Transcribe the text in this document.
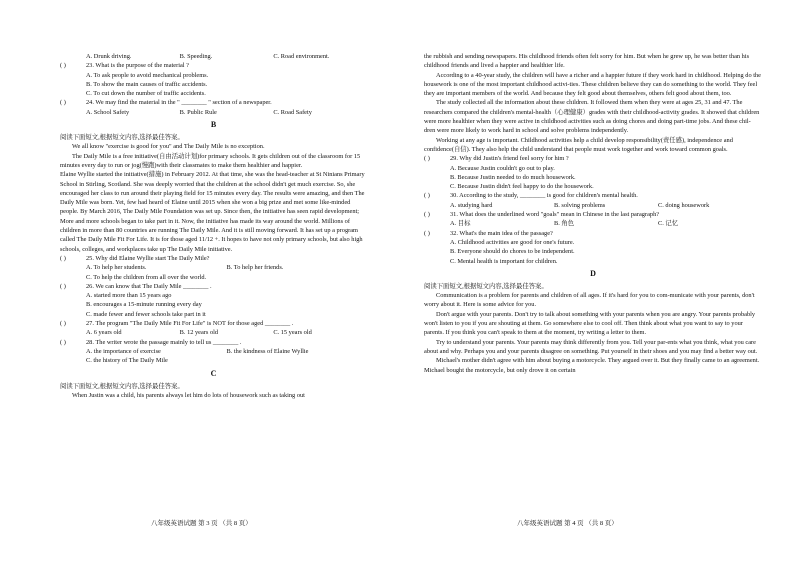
A. Drunk driving.	B. Speeding.	C. Road environment.
( )	23. What is the purpose of the material ?
A. To ask people to avoid mechanical problems.
B. To show the main causes of traffic accidents.
C. To cut down the number of traffic accidents.
( )	24. We may find the material in the " ________ " section of a newspaper.
A. School Safety	B. Public Rule	C. Road Safety
B

阅读下面短文,根据短文内容,选择最佳答案。

We all know "exercise is good for you" and The Daily Mile is no exception.

The Daily Mile is a free initiative(自由活动计划)for primary schools. It gets children out of the classroom for 15 minutes every day to run or jog(慢跑)with their classmates to make them healthier and happier.

Elaine Wyllie started the initiative(措施) in February 2012. At that time, she was the head-teacher at St Ninians Primary School in Stirling, Scotland. She was deeply worried that the children at the school didn't get much exercise. So, she encouraged her class to run around their playing field for 15 minutes every day. The results were amazing, and then The Daily Mile was born. Yet, few had heard of Elaine until 2015 when she won a big prize and met some like-minded people. By March 2016, The Daily Mile Foundation was set up. Since then, the initiative has seen rapid development; More and more schools began to take part in it. Now, the initiative has made its way around the world. Millions of children in more than 80 countries are running The Daily Mile. And it is still moving forward. It has set up a program called The Daily Mile Fit For Life. It is for those aged 11/12 +. It hopes to have not only primary schools, but also high schools, colleges, and workplaces take up The Daily Mile initiative.

( )	25. Why did Elaine Wyllie start The Daily Mile?
A. To help her students.	B. To help her friends.
C. To help the children from all over the world.
( )	26. We can know that The Daily Mile ________ .
A. started more than 15 years ago
B. encourages a 15-minute running every day
C. made fewer and fewer schools take part in it
( )	27. The program "The Daily Mile Fit For Life" is NOT for those aged ________ .
A. 6 years old	B. 12 years old	C. 15 years old
( )	28. The writer wrote the passage mainly to tell us ________ .
A. the importance of exercise	B. the kindness of Elaine Wyllie
C. the history of The Daily Mile
C

阅读下面短文,根据短文内容,选择最佳答案。

When Justin was a child, his parents always let him do lots of housework such as taking out

八年级英语试题 第 3 页 （共 8 页）

the rubbish and sending newspapers. His childhood friends often felt sorry for him. But when he grew up, he was better than his childhood friends and lived a happier and healthier life.

According to a 40-year study, the children will have a richer and a happier future if they work hard in childhood. Helping do the housework is one of the most important childhood activi-ties. These children believe they can do something to the world. They feel they are important members of the world. And because they felt good about themselves, others felt good about them, too.

The study collected all the information about these children. It followed them when they were at ages 25, 31 and 47. The researchers compared the children's mental-health（心理健康）grades with their childhood-activity grades. It showed that children were more healthier when they were active in childhood activities such as doing chores and doing part-time jobs. And these chil-dren were more likely to work hard in school and solve problems independently.

Working at any age is important. Childhood activities help a child develop responsibility(责任感), independence and confidence(自信). They also help the child understand that people must work together and work toward common goals.

( )	29. Why did Justin's friend feel sorry for him ?
A. Because Justin couldn't go out to play.
B. Because Justin needed to do much housework.
C. Because Justin didn't feel happy to do the housework.
( )	30. According to the study, ________ is good for children's mental health.
A. studying hard	B. solving problems	C. doing housework
( )	31. What does the underlined word "goals" mean in Chinese in the last paragraph?
A. 目标	B. 角色	C. 记忆
( )	32. What's the main idea of the passage?
A. Childhood activities are good for one's future.
B. Everyone should do chores to be independent.
C. Mental health is important for children.
D

阅读下面短文,根据短文内容,选择最佳答案。

Communication is a problem for parents and children of all ages. If it's hard for you to com-municate with your parents, don't worry about it. Here is some advice for you.

Don't argue with your parents. Don't try to talk about something with your parents when you are angry. Your parents probably won't listen to you if you are shouting at them. Go somewhere else to cool off. Then think about what you want to say to your parents. If you think you can't speak to them at the moment, try writing a letter to them.

Try to understand your parents. Your parents may think differently from you. Tell your par-ents what you think, what you care about and why. Perhaps you and your parents disagree on something. Put yourself in their shoes and you may find a better way out.

Michael's mother didn't agree with him about buying a motorcycle. They argued over it. But they finally came to an agreement. Michael bought the motorcycle, but only drove it on certain

八年级英语试题 第 4 页 （共 8 页）
